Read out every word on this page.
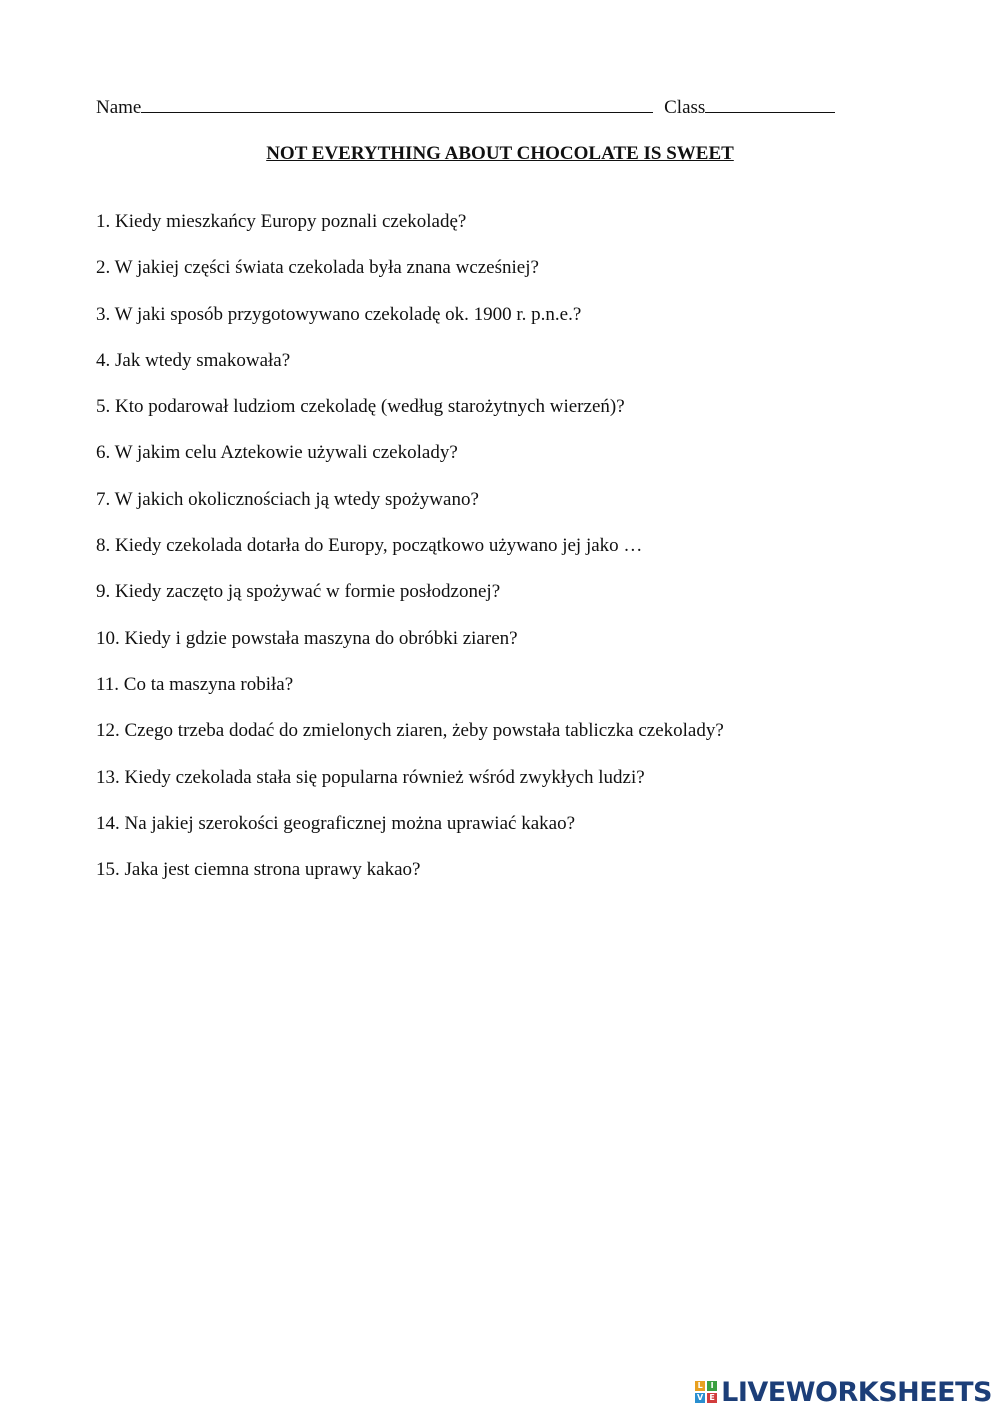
Name	Class
NOT EVERYTHING ABOUT CHOCOLATE IS SWEET
1. Kiedy mieszkańcy Europy poznali czekoladę?
2. W jakiej części świata czekolada była znana wcześniej?
3. W jaki sposób przygotowywano czekoladę ok. 1900 r. p.n.e.?
4. Jak wtedy smakowała?
5. Kto podarował ludziom czekoladę (według starożytnych wierzeń)?
6. W jakim celu Aztekowie używali czekolady?
7. W jakich okolicznościach ją wtedy spożywano?
8. Kiedy czekolada dotarła do Europy, początkowo używano jej jako …
9. Kiedy zaczęto ją spożywać w formie posłodzonej?
10. Kiedy i gdzie powstała maszyna do obróbki ziaren?
11. Co ta maszyna robiła?
12. Czego trzeba dodać do zmielonych ziaren, żeby powstała tabliczka czekolady?
13. Kiedy czekolada stała się popularna również wśród zwykłych ludzi?
14. Na jakiej szerokości geograficznej można uprawiać kakao?
15. Jaka jest ciemna strona uprawy kakao?
L I
V E LIVEWORKSHEETS
